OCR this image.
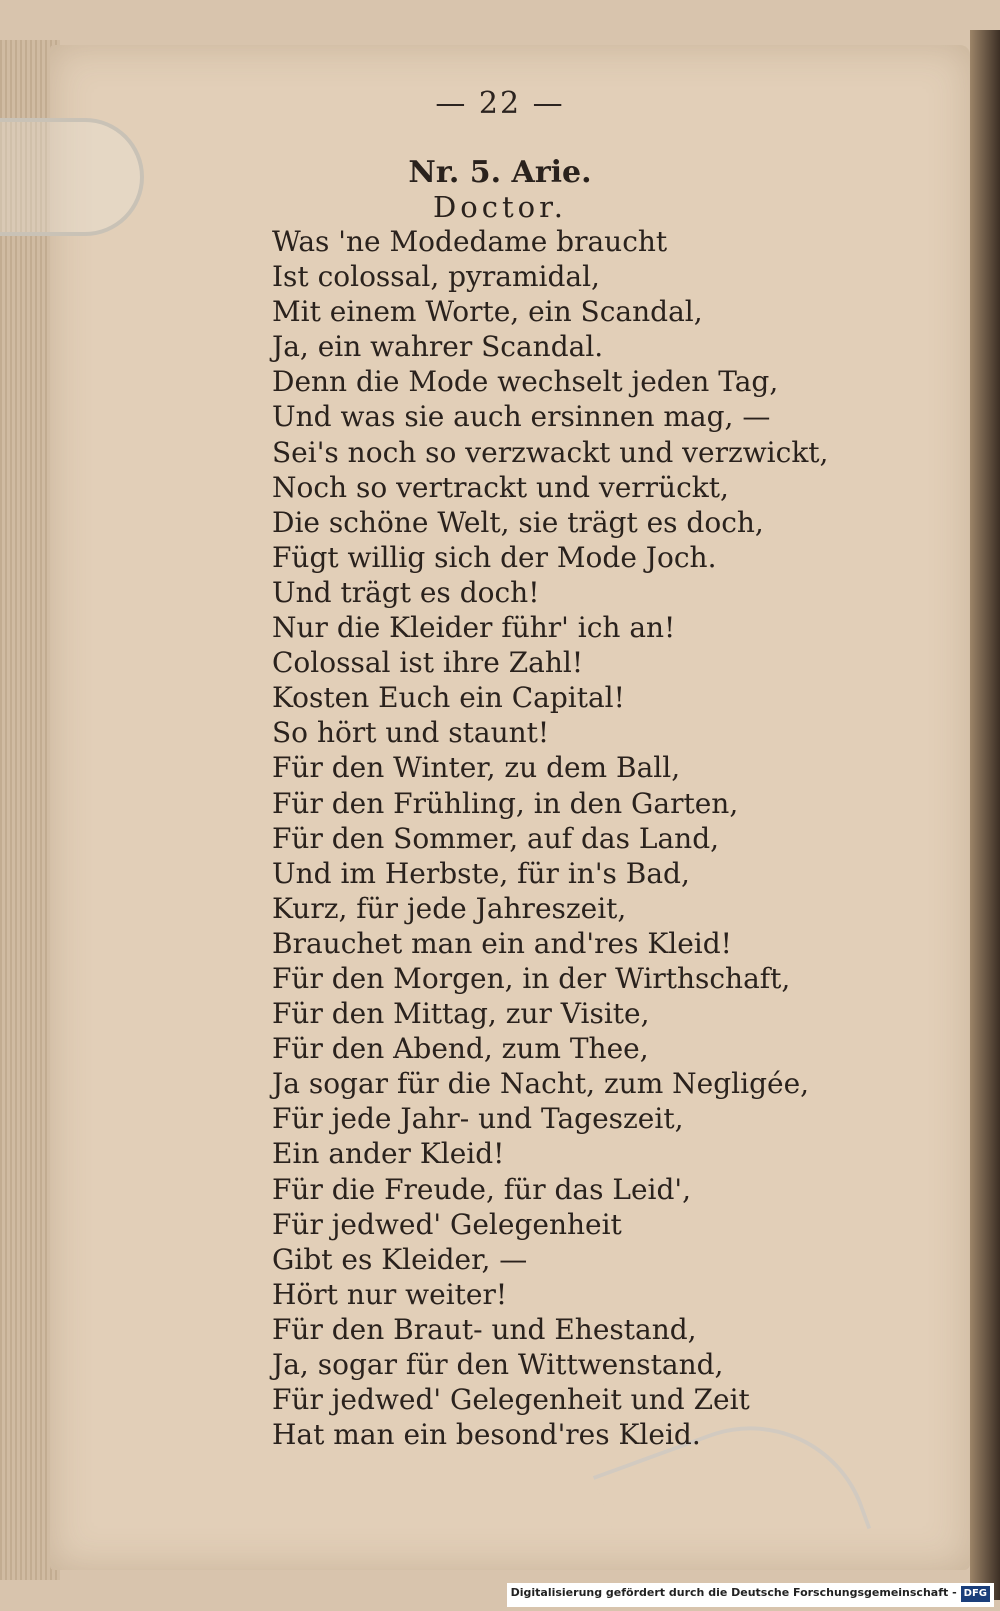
— 22 —
Nr. 5. Arie.
Doctor.
Was 'ne Modedame braucht
Ist colossal, pyramidal,
Mit einem Worte, ein Scandal,
Ja, ein wahrer Scandal.
Denn die Mode wechselt jeden Tag,
Und was sie auch ersinnen mag, —
Sei's noch so verzwackt und verzwickt,
Noch so vertrackt und verrückt,
Die schöne Welt, sie trägt es doch,
Fügt willig sich der Mode Joch.
Und trägt es doch!
Nur die Kleider führ' ich an!
Colossal ist ihre Zahl!
Kosten Euch ein Capital!
So hört und staunt!
Für den Winter, zu dem Ball,
Für den Frühling, in den Garten,
Für den Sommer, auf das Land,
Und im Herbste, für in's Bad,
Kurz, für jede Jahreszeit,
Brauchet man ein and'res Kleid!
Für den Morgen, in der Wirthschaft,
Für den Mittag, zur Visite,
Für den Abend, zum Thee,
Ja sogar für die Nacht, zum Negligée,
Für jede Jahr- und Tageszeit,
Ein ander Kleid!
Für die Freude, für das Leid',
Für jedwed' Gelegenheit
Gibt es Kleider, —
Hört nur weiter!
Für den Braut- und Ehestand,
Ja, sogar für den Wittwenstand,
Für jedwed' Gelegenheit und Zeit
Hat man ein besond'res Kleid.
Digitalisierung gefördert durch die Deutsche Forschungsgemeinschaft - DFG
